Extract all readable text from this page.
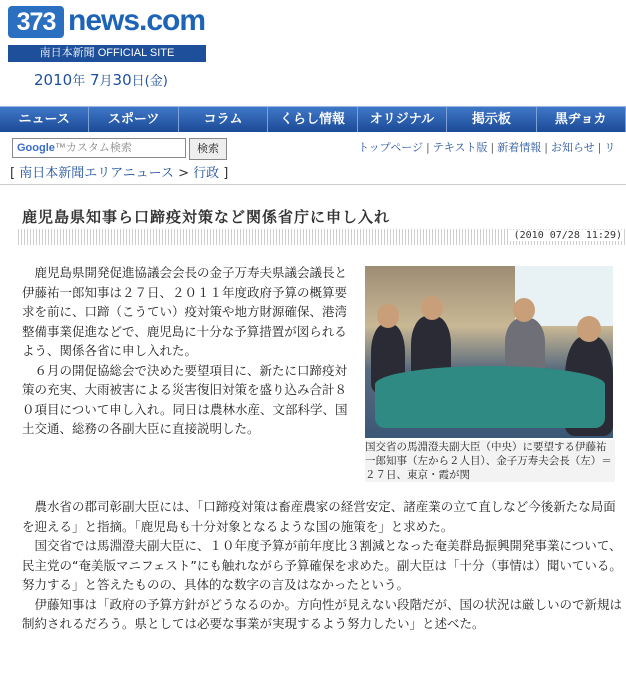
373 news.com
南日本新聞 OFFICIAL SITE
2010年 7月30日(金)
ニュース	スポーツ	コラム	くらし情報	オリジナル	掲示板	黒ヂョカ
Google™カスタム検索	検索	トップページ | テキスト版 | 新着情報 | お知らせ | リ
[ 南日本新聞エリアニュース > 行政 ]
鹿児島県知事ら口蹄疫対策など関係省庁に申し入れ
(2010 07/28 11:29)
国交省の馬淵澄夫副大臣（中央）に要望する伊藤祐一郎知事（左から２人目）、金子万寿夫会長（左）＝２７日、東京・霞が関

鹿児島県開発促進協議会会長の金子万寿夫県議会議長と伊藤祐一郎知事は２７日、２０１１年度政府予算の概算要求を前に、口蹄（こうてい）疫対策や地方財源確保、港湾整備事業促進などで、鹿児島に十分な予算措置が図られるよう、関係各省に申し入れた。

６月の開促協総会で決めた要望項目に、新たに口蹄疫対策の充実、大雨被害による災害復旧対策を盛り込み合計８０項目について申し入れ。同日は農林水産、文部科学、国土交通、総務の各副大臣に直接説明した。

農水省の郡司彰副大臣には、「口蹄疫対策は畜産農家の経営安定、諸産業の立て直しなど今後新たな局面を迎える」と指摘。「鹿児島も十分対象となるような国の施策を」と求めた。

国交省では馬淵澄夫副大臣に、１０年度予算が前年度比３割減となった奄美群島振興開発事業について、民主党の“奄美版マニフェスト”にも触れながら予算確保を求めた。副大臣は「十分（事情は）聞いている。努力する」と答えたものの、具体的な数字の言及はなかったという。

伊藤知事は「政府の予算方針がどうなるのか。方向性が見えない段階だが、国の状況は厳しいので新規は制約されるだろう。県としては必要な事業が実現するよう努力したい」と述べた。
